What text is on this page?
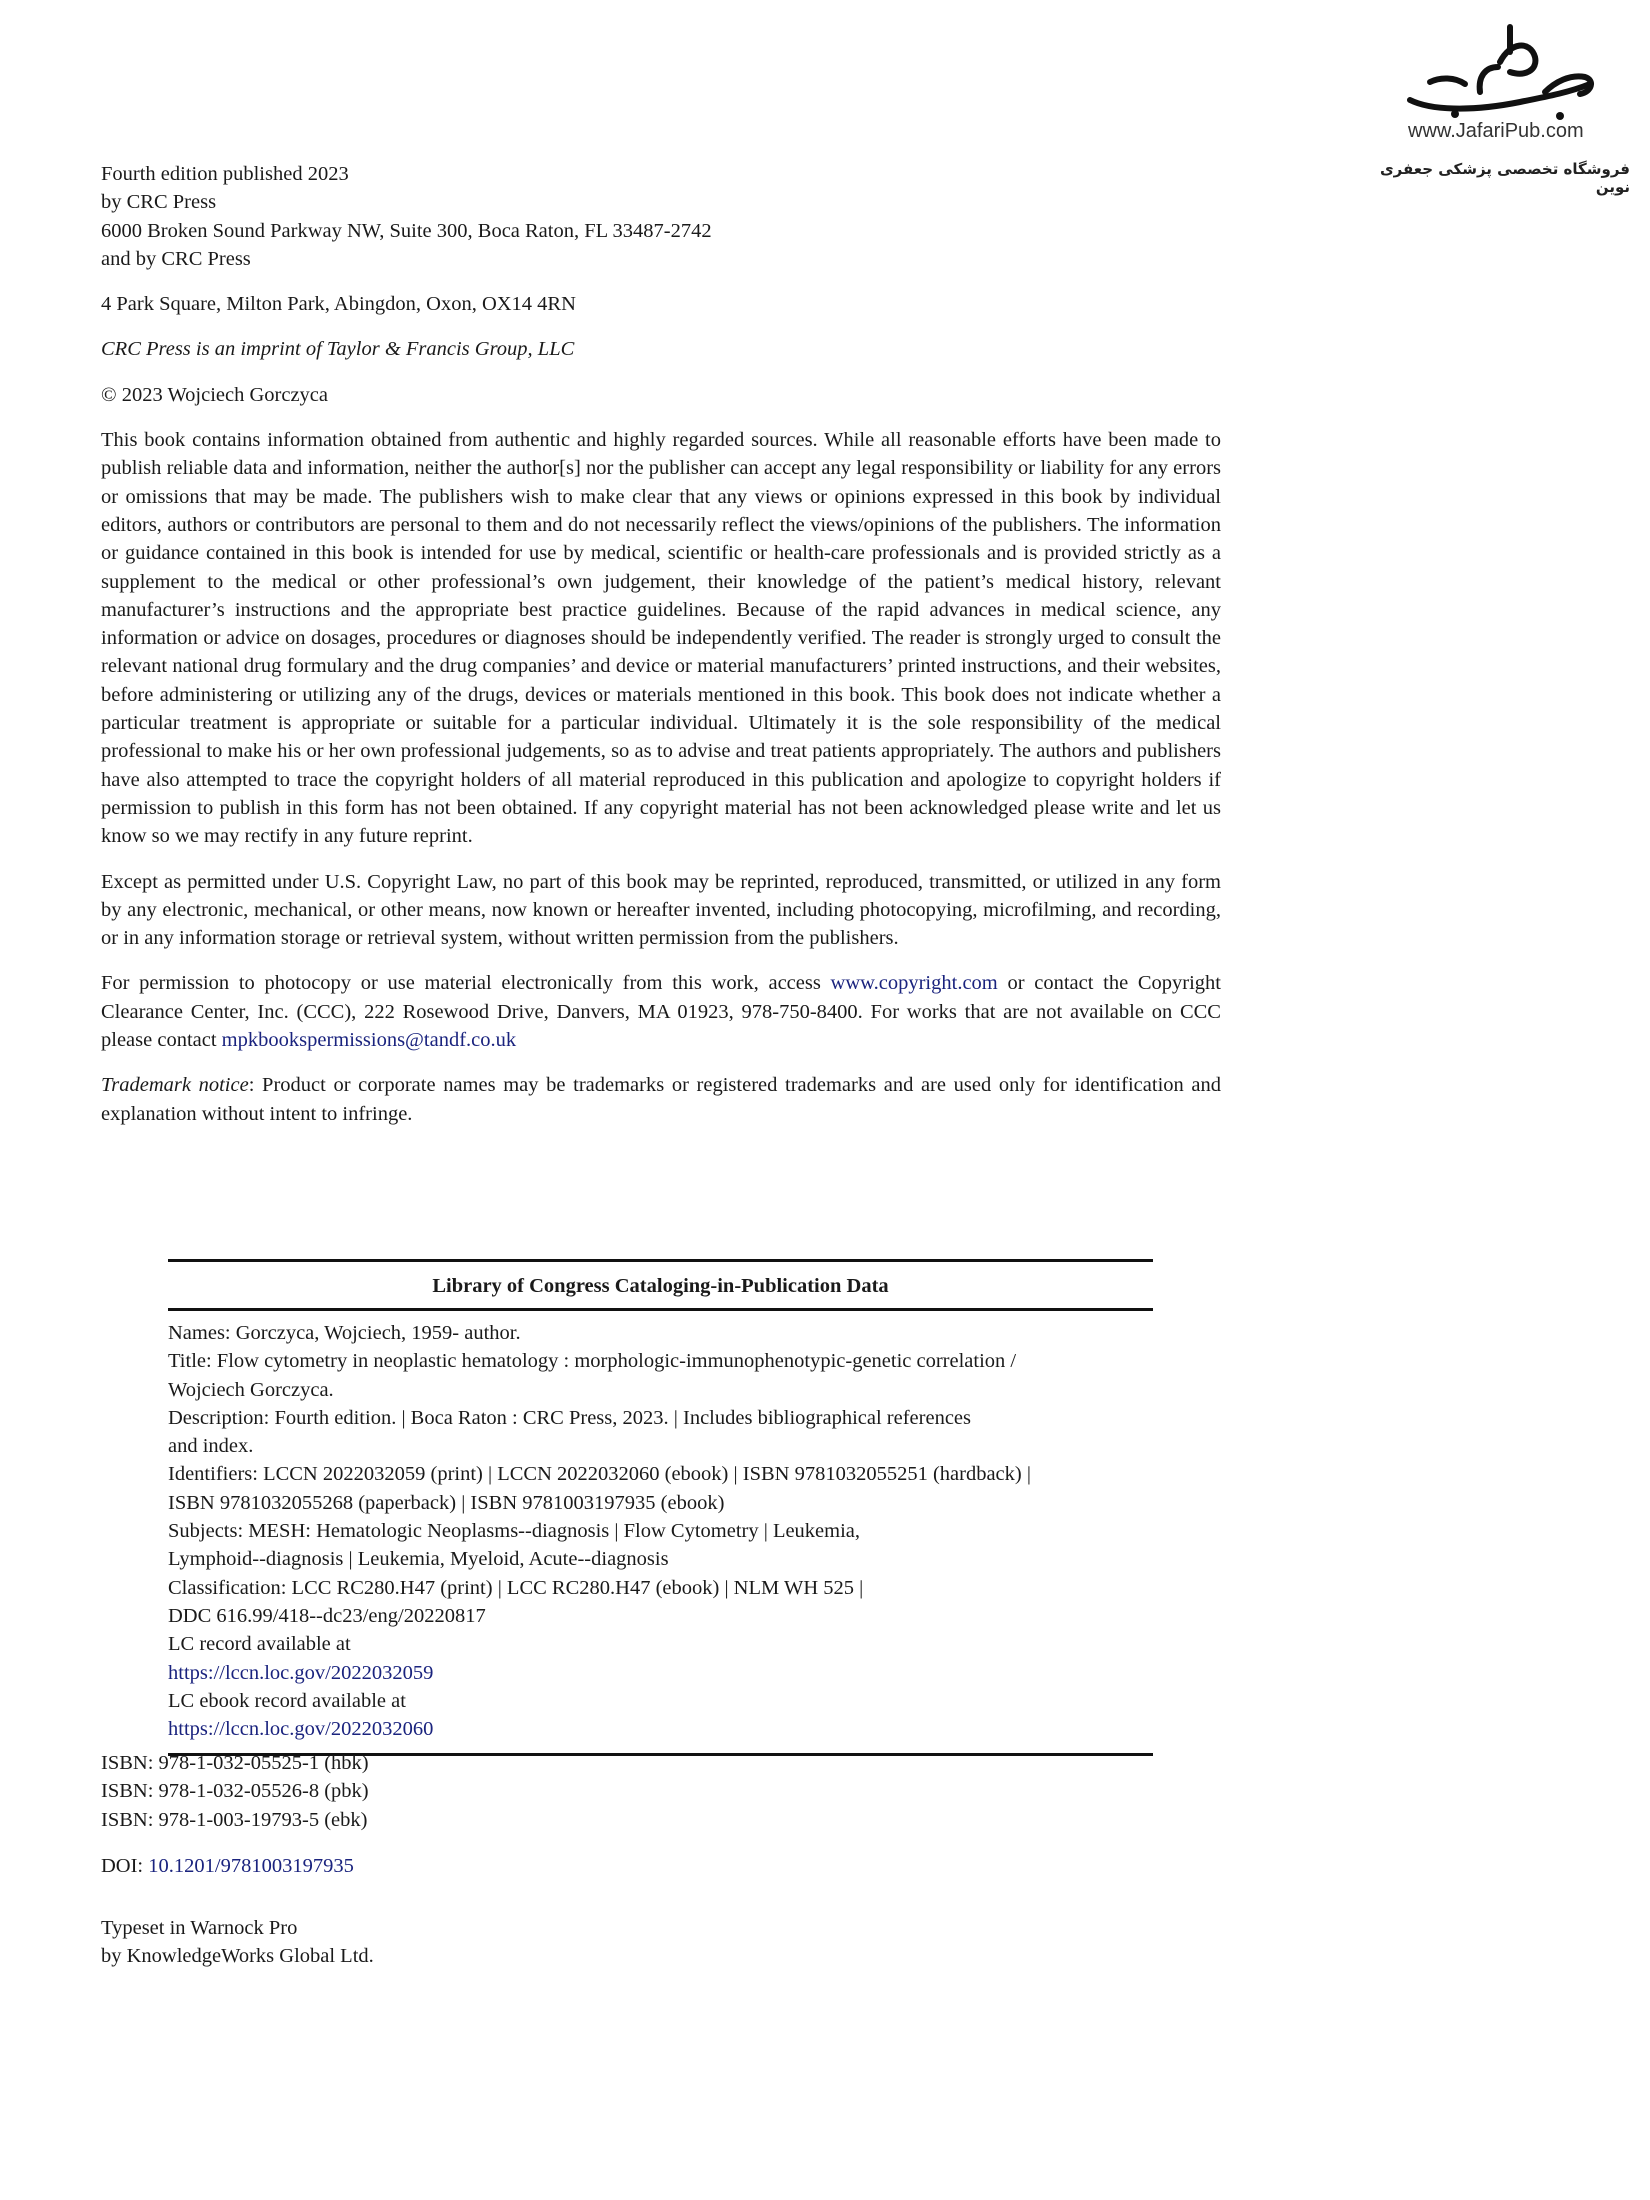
www.JafariPub.com
فروشگاه تخصصی پزشکی جعفری نوین
Fourth edition published 2023
by CRC Press
6000 Broken Sound Parkway NW, Suite 300, Boca Raton, FL 33487-2742
and by CRC Press
4 Park Square, Milton Park, Abingdon, Oxon, OX14 4RN
CRC Press is an imprint of Taylor & Francis Group, LLC
© 2023 Wojciech Gorczyca
This book contains information obtained from authentic and highly regarded sources. While all reasonable efforts have been made to publish reliable data and information, neither the author[s] nor the publisher can accept any legal responsibility or liability for any errors or omissions that may be made. The publishers wish to make clear that any views or opinions expressed in this book by individual editors, authors or contributors are personal to them and do not necessarily reflect the views/opinions of the publishers. The information or guidance contained in this book is intended for use by medical, scientific or health-care professionals and is provided strictly as a supplement to the medical or other professional’s own judgement, their knowledge of the patient’s medical history, relevant manufacturer’s instructions and the appropriate best practice guidelines. Because of the rapid advances in medical science, any information or advice on dosages, procedures or diagnoses should be independently verified. The reader is strongly urged to consult the relevant national drug formulary and the drug companies’ and device or material manufacturers’ printed instructions, and their websites, before administering or utilizing any of the drugs, devices or materials mentioned in this book. This book does not indicate whether a particular treatment is appropriate or suitable for a particular individual. Ultimately it is the sole responsibility of the medical professional to make his or her own professional judgements, so as to advise and treat patients appropriately. The authors and publishers have also attempted to trace the copyright holders of all material reproduced in this publication and apologize to copyright holders if permission to publish in this form has not been obtained. If any copyright material has not been acknowledged please write and let us know so we may rectify in any future reprint.
Except as permitted under U.S. Copyright Law, no part of this book may be reprinted, reproduced, transmitted, or utilized in any form by any electronic, mechanical, or other means, now known or hereafter invented, including photocopying, microfilming, and recording, or in any information storage or retrieval system, without written permission from the publishers.
For permission to photocopy or use material electronically from this work, access www.copyright.com or contact the Copyright Clearance Center, Inc. (CCC), 222 Rosewood Drive, Danvers, MA 01923, 978-750-8400. For works that are not available on CCC please contact mpkbookspermissions@tandf.co.uk
Trademark notice: Product or corporate names may be trademarks or registered trademarks and are used only for identification and explanation without intent to infringe.
Library of Congress Cataloging-in-Publication Data
Names: Gorczyca, Wojciech, 1959- author.
Title: Flow cytometry in neoplastic hematology : morphologic-immunophenotypic-genetic correlation /
Wojciech Gorczyca.
Description: Fourth edition. | Boca Raton : CRC Press, 2023. | Includes bibliographical references
and index.
Identifiers: LCCN 2022032059 (print) | LCCN 2022032060 (ebook) | ISBN 9781032055251 (hardback) |
ISBN 9781032055268 (paperback) | ISBN 9781003197935 (ebook)
Subjects: MESH: Hematologic Neoplasms--diagnosis | Flow Cytometry | Leukemia,
Lymphoid--diagnosis | Leukemia, Myeloid, Acute--diagnosis
Classification: LCC RC280.H47 (print) | LCC RC280.H47 (ebook) | NLM WH 525 |
DDC 616.99/418--dc23/eng/20220817
LC record available at
https://lccn.loc.gov/2022032059
LC ebook record available at
https://lccn.loc.gov/2022032060
ISBN: 978-1-032-05525-1 (hbk)
ISBN: 978-1-032-05526-8 (pbk)
ISBN: 978-1-003-19793-5 (ebk)
DOI: 10.1201/9781003197935
Typeset in Warnock Pro
by KnowledgeWorks Global Ltd.
